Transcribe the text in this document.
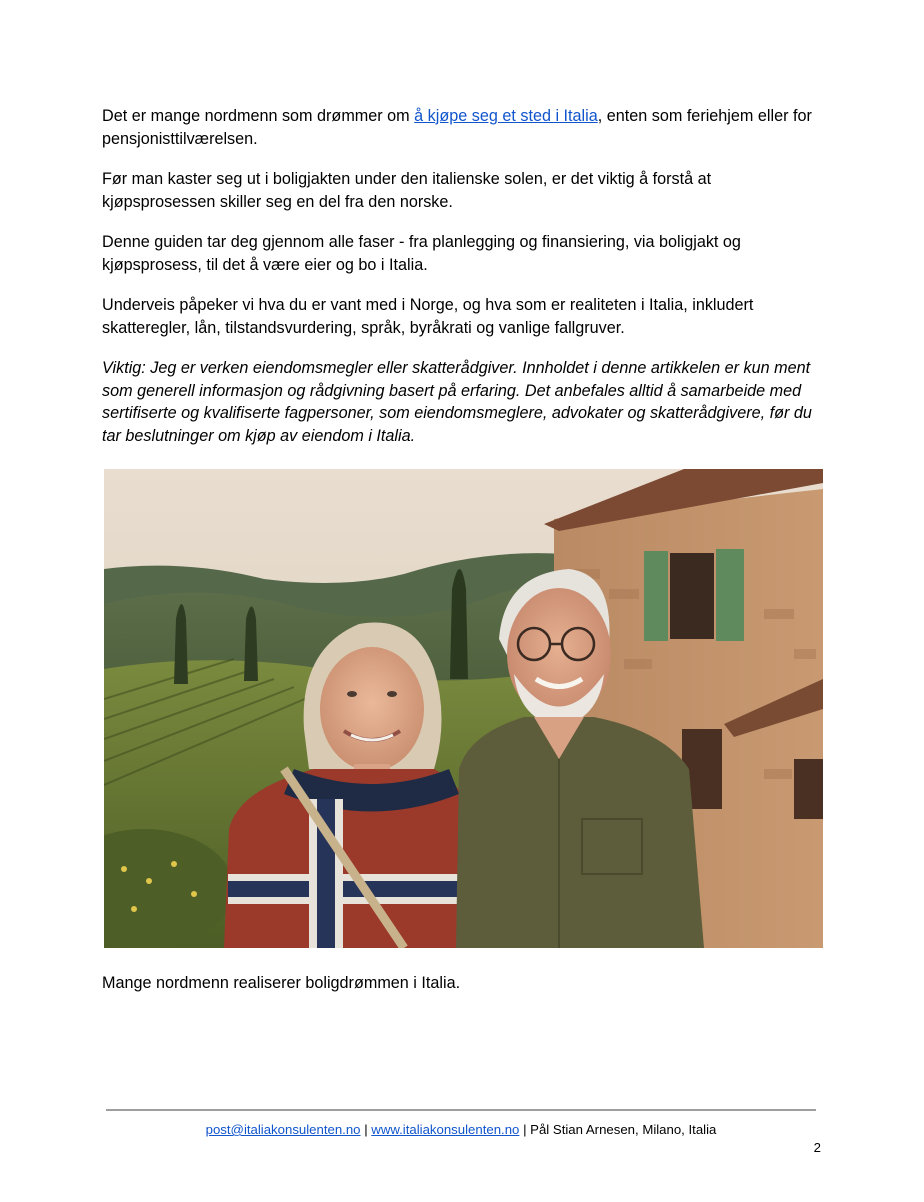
Det er mange nordmenn som drømmer om å kjøpe seg et sted i Italia, enten som feriehjem eller for pensjonisttilværelsen.

Før man kaster seg ut i boligjakten under den italienske solen, er det viktig å forstå at kjøpsprosessen skiller seg en del fra den norske.

Denne guiden tar deg gjennom alle faser - fra planlegging og finansiering, via boligjakt og kjøpsprosess, til det å være eier og bo i Italia.

Underveis påpeker vi hva du er vant med i Norge, og hva som er realiteten i Italia, inkludert skatteregler, lån, tilstandsvurdering, språk, byråkrati og vanlige fallgruver.

Viktig: Jeg er verken eiendomsmegler eller skatterådgiver. Innholdet i denne artikkelen er kun ment som generell informasjon og rådgivning basert på erfaring. Det anbefales alltid å samarbeide med sertifiserte og kvalifiserte fagpersoner, som eiendomsmeglere, advokater og skatterådgivere, før du tar beslutninger om kjøp av eiendom i Italia.

Mange nordmenn realiserer boligdrømmen i Italia.
post@italiakonsulenten.no | www.italiakonsulenten.no | Pål Stian Arnesen, Milano, Italia
2
